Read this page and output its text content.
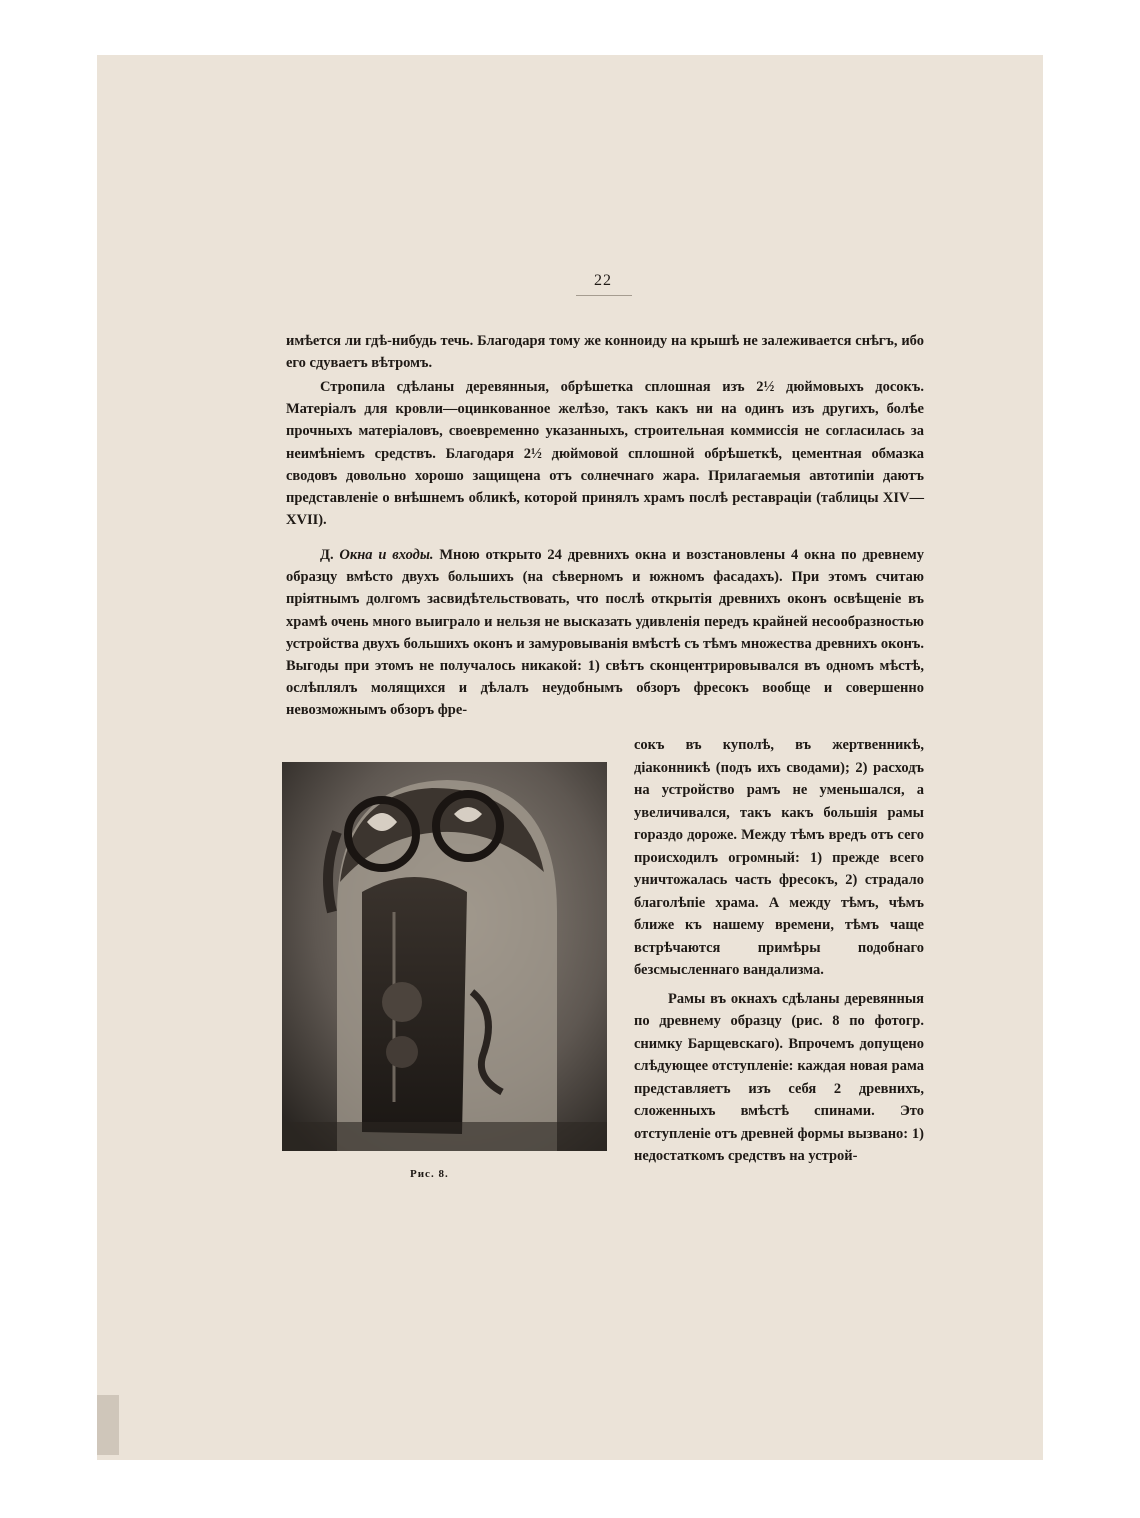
22

имѣется ли гдѣ-нибудь течь. Благодаря тому же конноиду на крышѣ не залеживается снѣгъ, ибо его сдуваетъ вѣтромъ.

Стропила сдѣланы деревянныя, обрѣшетка сплошная изъ 2½ дюймовыхъ досокъ. Матеріалъ для кровли—оцинкованное желѣзо, такъ какъ ни на одинъ изъ другихъ, болѣе прочныхъ матеріаловъ, своевременно указанныхъ, строительная коммиссія не согласилась за неимѣніемъ средствъ. Благодаря 2½ дюймовой сплошной обрѣшеткѣ, цементная обмазка сводовъ довольно хорошо защищена отъ солнечнаго жара. Прилагаемыя автотипіи даютъ представленіе о внѣшнемъ обликѣ, которой принялъ храмъ послѣ реставраціи (таблицы XIV—XVII).

Д. Окна и входы. Мною открыто 24 древнихъ окна и возстановлены 4 окна по древнему образцу вмѣсто двухъ большихъ (на сѣверномъ и южномъ фасадахъ). При этомъ считаю пріятнымъ долгомъ засвидѣтельствовать, что послѣ открытія древнихъ оконъ освѣщеніе въ храмѣ очень много выиграло и нельзя не высказать удивленія передъ крайней несообразностью устройства двухъ большихъ оконъ и замуровыванія вмѣстѣ съ тѣмъ множества древнихъ оконъ. Выгоды при этомъ не получалось никакой: 1) свѣтъ сконцентрировывался въ одномъ мѣстѣ, ослѣплялъ молящихся и дѣлалъ неудобнымъ обзоръ фресокъ вообще и совершенно невозможнымъ обзоръ фре-

Рис. 8.

сокъ въ куполѣ, въ жертвенникѣ, діаконникѣ (подъ ихъ сводами); 2) расходъ на устройство рамъ не уменьшался, а увеличивался, такъ какъ большія рамы гораздо дороже. Между тѣмъ вредъ отъ сего происходилъ огромный: 1) прежде всего уничтожалась часть фресокъ, 2) страдало благолѣпіе храма. А между тѣмъ, чѣмъ ближе къ нашему времени, тѣмъ чаще встрѣчаются примѣры подобнаго безсмысленнаго вандализма.

Рамы въ окнахъ сдѣланы деревянныя по древнему образцу (рис. 8 по фотогр. снимку Барщевскаго). Впрочемъ допущено слѣдующее отступленіе: каждая новая рама представляетъ изъ себя 2 древнихъ, сложенныхъ вмѣстѣ спинами. Это отступленіе отъ древней формы вызвано: 1) недостаткомъ средствъ на устрой-
